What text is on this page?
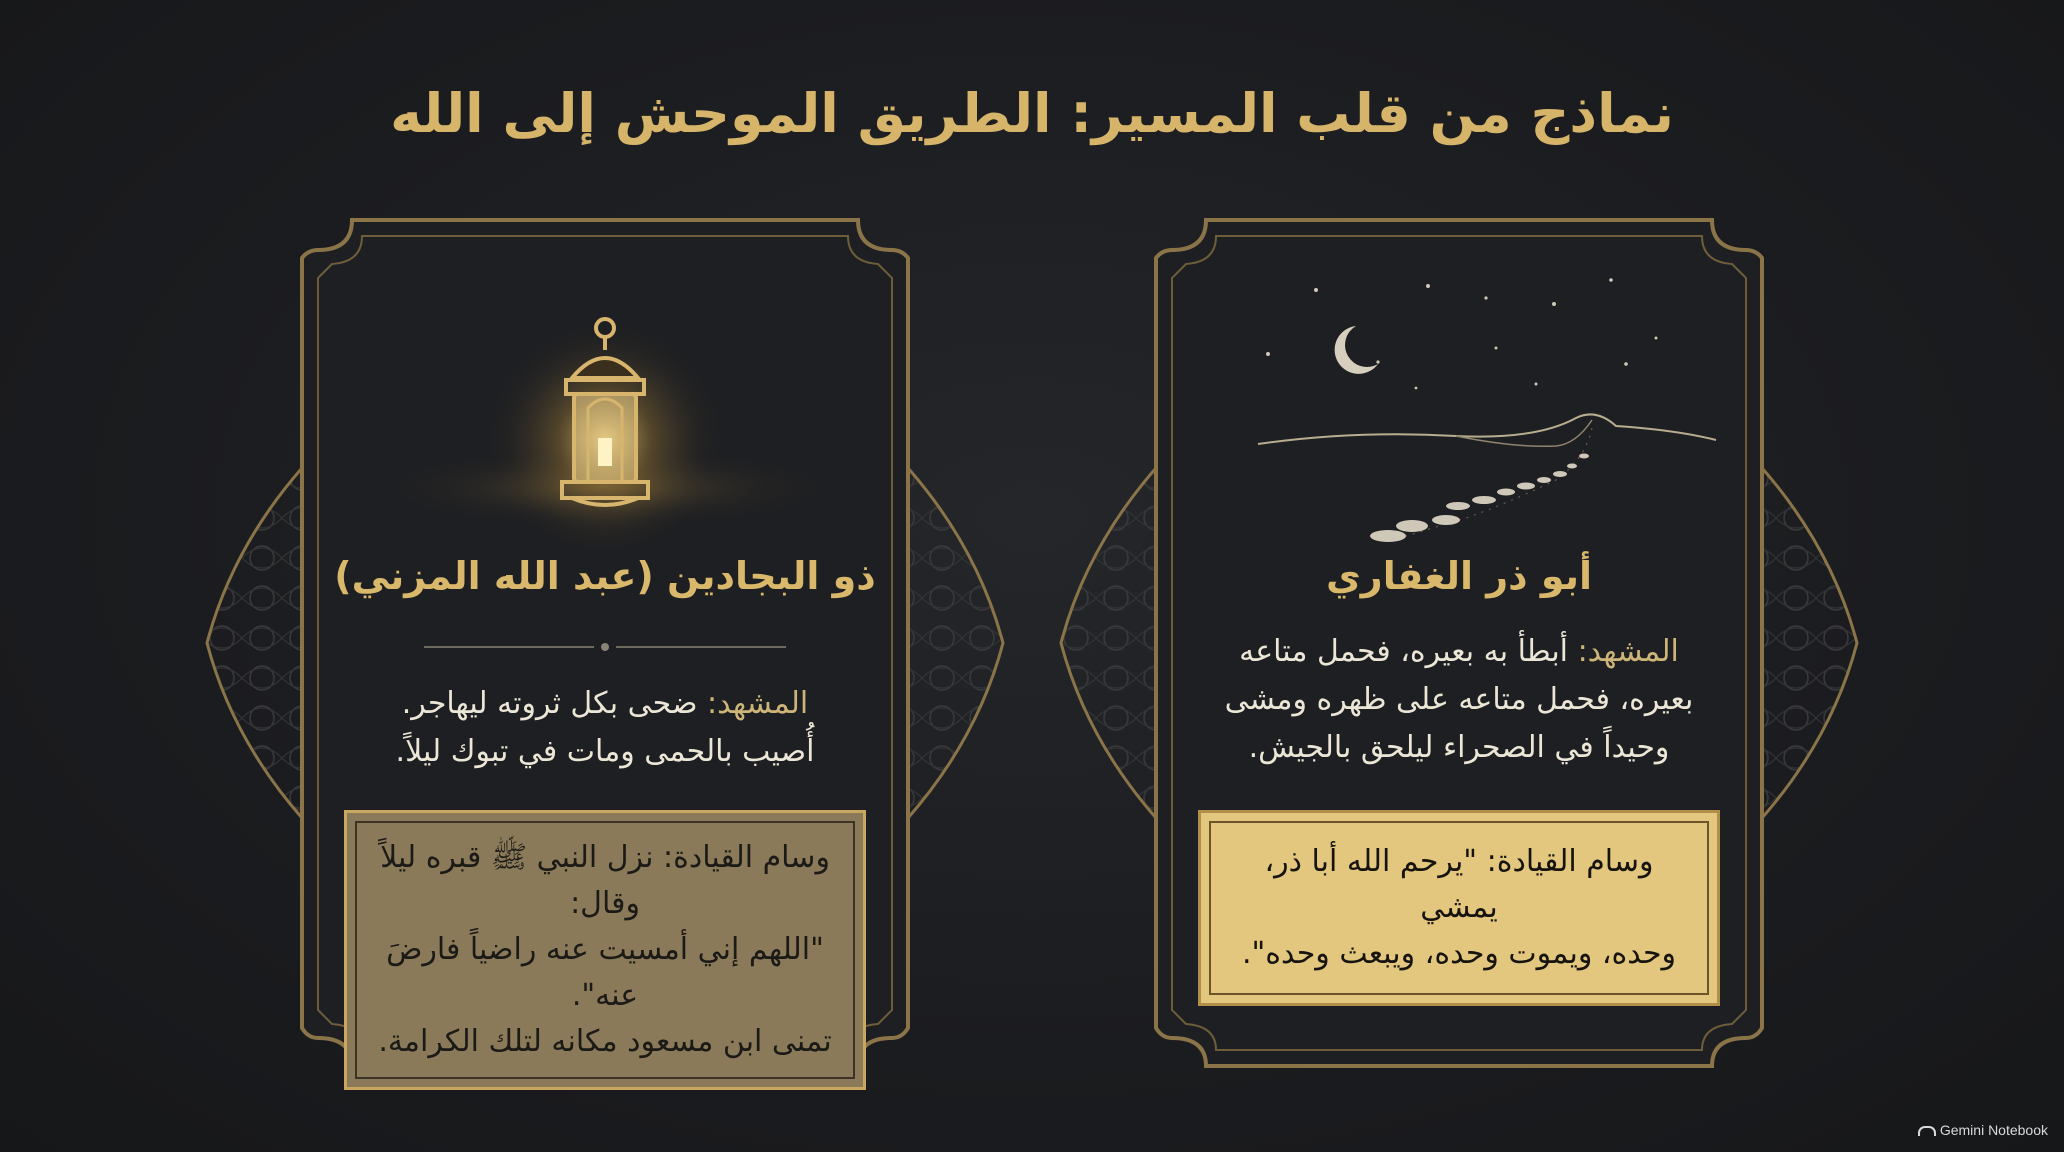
نماذج من قلب المسير: الطريق الموحش إلى الله
ذو البجادين (عبد الله المزني)
المشهد: ضحى بكل ثروته ليهاجر.
أُصيب بالحمى ومات في تبوك ليلاً.
وسام القيادة: نزل النبي ﷺ قبره ليلاً وقال:
"اللهم إني أمسيت عنه راضياً فارضَ عنه".
تمنى ابن مسعود مكانه لتلك الكرامة.
أبو ذر الغفاري
المشهد: أبطأ به بعيره، فحمل متاعه
بعيره، فحمل متاعه على ظهره ومشى
وحيداً في الصحراء ليلحق بالجيش.
وسام القيادة: "يرحم الله أبا ذر، يمشي
وحده، ويموت وحده، ويبعث وحده".
Gemini Notebook
